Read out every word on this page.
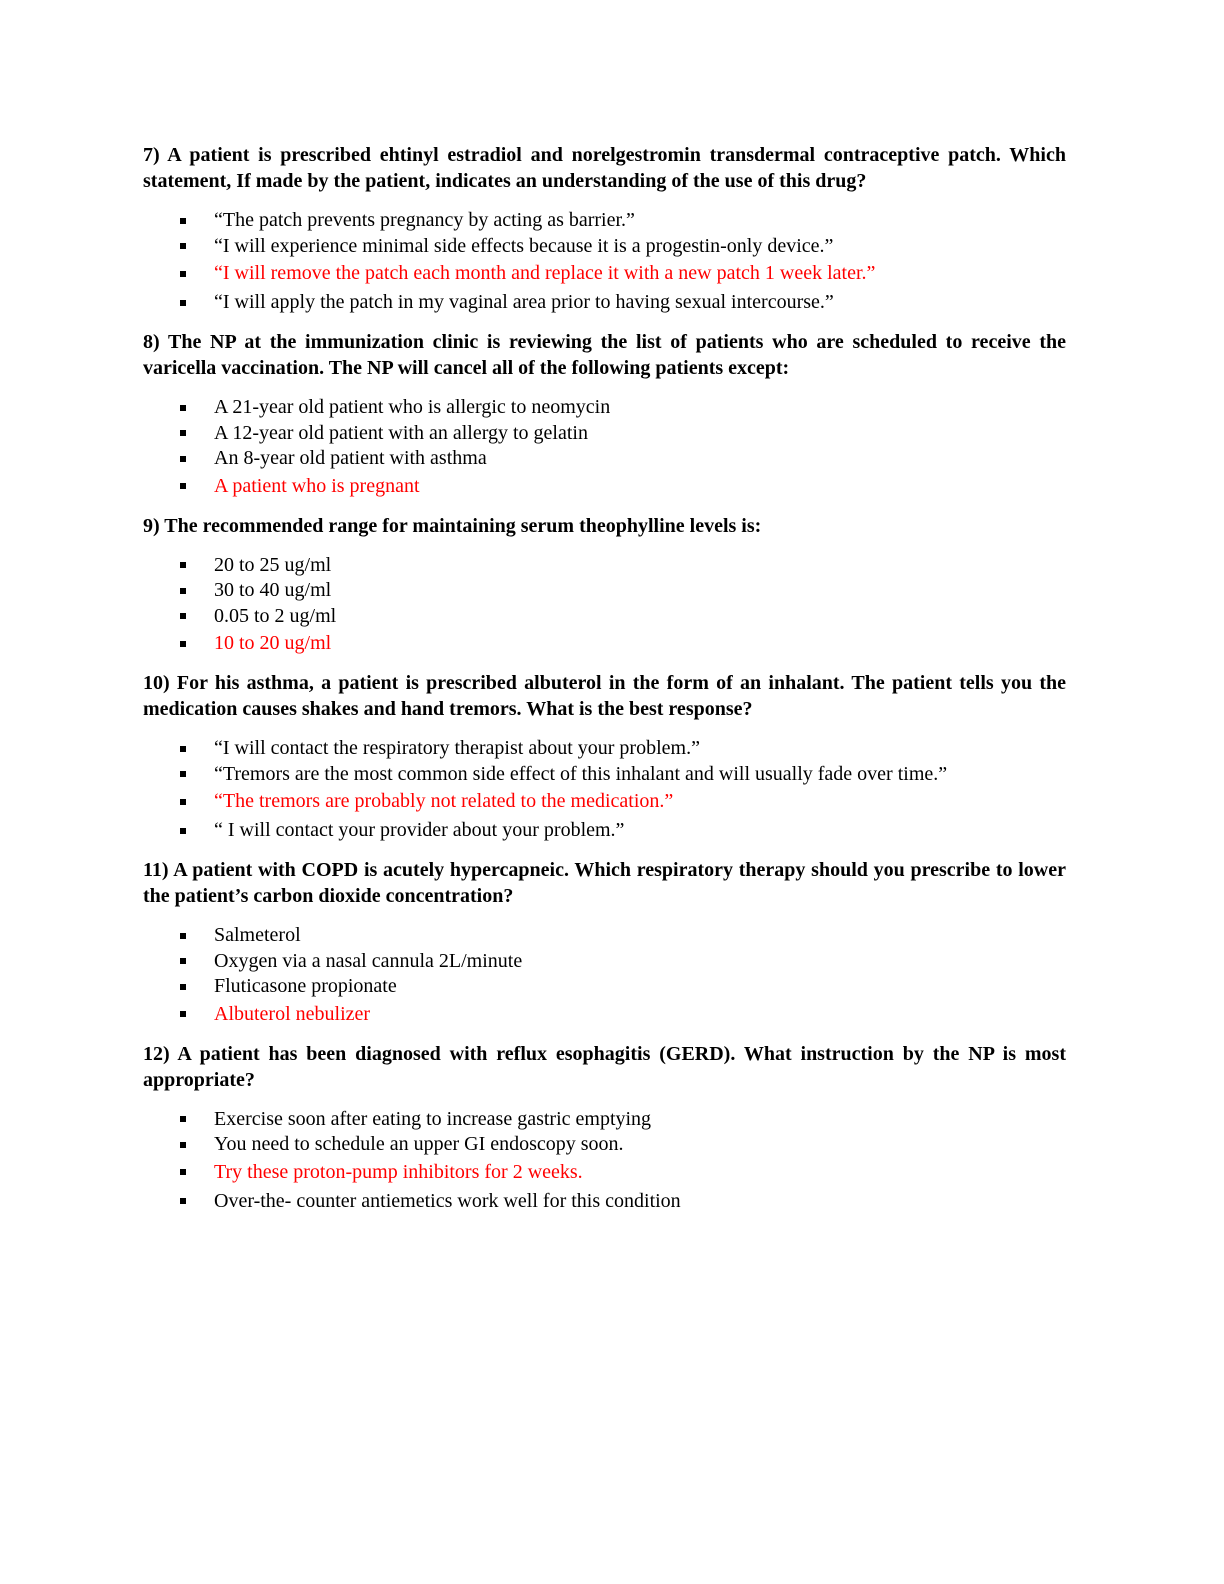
7) A patient is prescribed ehtinyl estradiol and norelgestromin transdermal contraceptive patch. Which statement, If made by the patient, indicates an understanding of the use of this drug?

“The patch prevents pregnancy by acting as barrier.”
“I will experience minimal side effects because it is a progestin-only device.”
“I will remove the patch each month and replace it with a new patch 1 week later.”
“I will apply the patch in my vaginal area prior to having sexual intercourse.”

8) The NP at the immunization clinic is reviewing the list of patients who are scheduled to receive the varicella vaccination. The NP will cancel all of the following patients except:

A 21-year old patient who is allergic to neomycin
A 12-year old patient with an allergy to gelatin
An 8-year old patient with asthma
A patient who is pregnant

9) The recommended range for maintaining serum theophylline levels is:

20 to 25 ug/ml
30 to 40 ug/ml
0.05 to 2 ug/ml
10 to 20 ug/ml

10) For his asthma, a patient is prescribed albuterol in the form of an inhalant. The patient tells you the medication causes shakes and hand tremors. What is the best response?

“I will contact the respiratory therapist about your problem.”
“Tremors are the most common side effect of this inhalant and will usually fade over time.”
“The tremors are probably not related to the medication.”
“ I will contact your provider about your problem.”

11) A patient with COPD is acutely hypercapneic. Which respiratory therapy should you prescribe to lower the patient’s carbon dioxide concentration?

Salmeterol
Oxygen via a nasal cannula 2L/minute
Fluticasone propionate
Albuterol nebulizer

12) A patient has been diagnosed with reflux esophagitis (GERD). What instruction by the NP is most appropriate?

Exercise soon after eating to increase gastric emptying
You need to schedule an upper GI endoscopy soon.
Try these proton-pump inhibitors for 2 weeks.
Over-the- counter antiemetics work well for this condition
